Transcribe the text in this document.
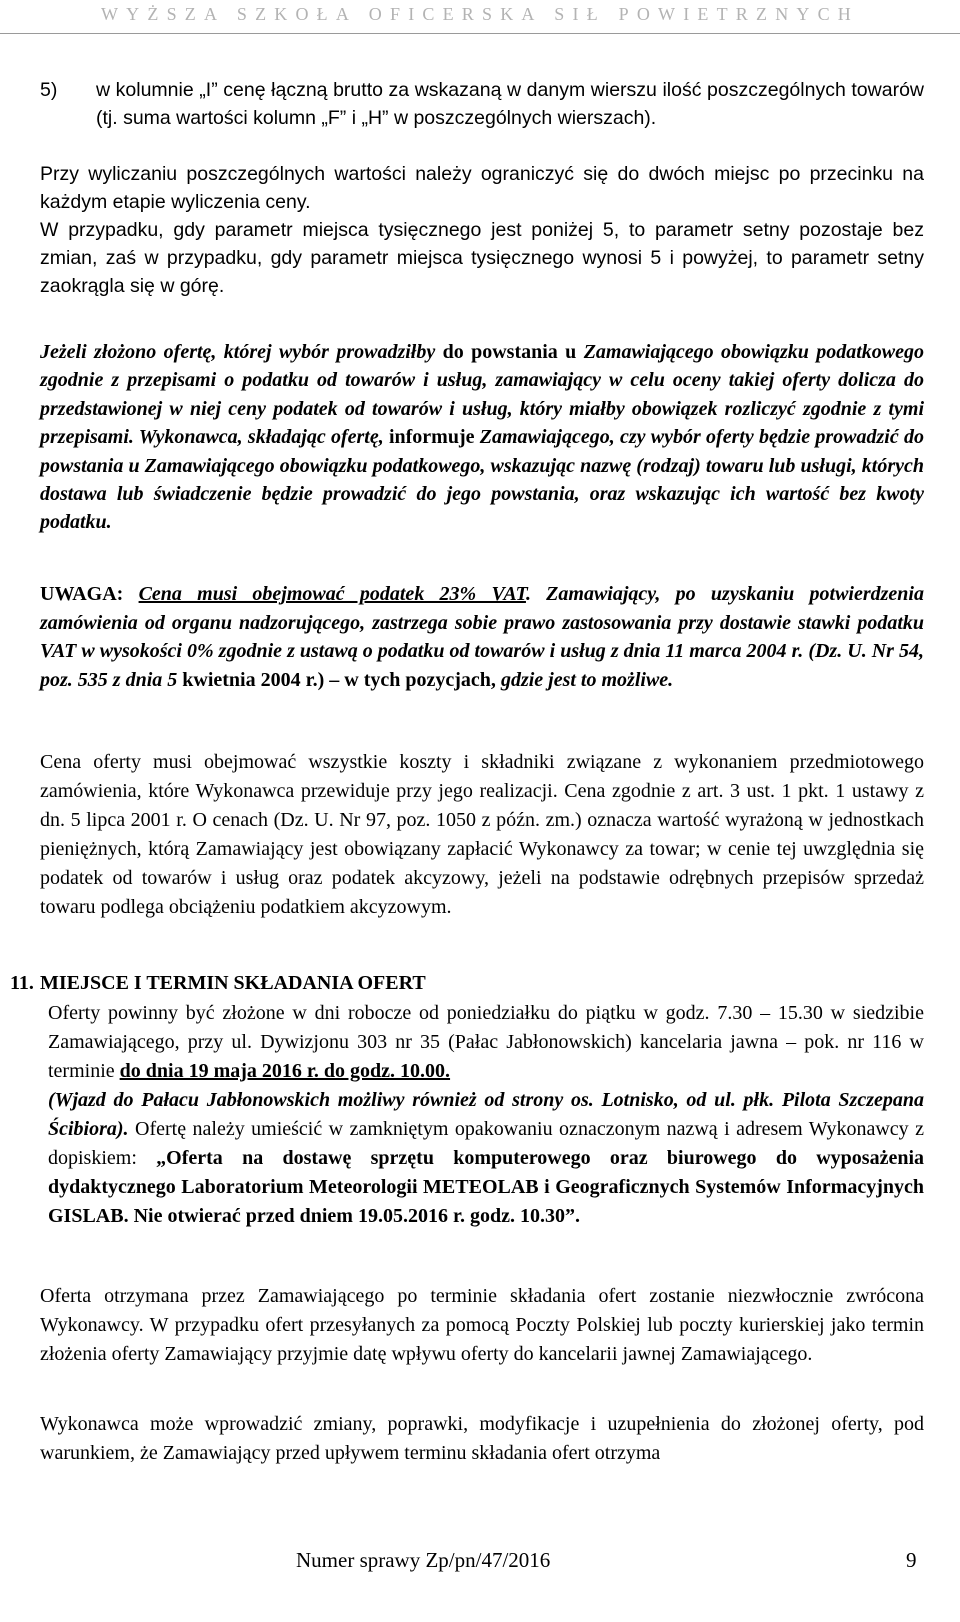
WYŻSZA SZKOŁA OFICERSKA SIŁ POWIETRZNYCH
5) w kolumnie „I” cenę łączną brutto za wskazaną w danym wierszu ilość poszczególnych towarów (tj. suma wartości kolumn „F” i „H” w poszczególnych wierszach).

Przy wyliczaniu poszczególnych wartości należy ograniczyć się do dwóch miejsc po przecinku na każdym etapie wyliczenia ceny.

W przypadku, gdy parametr miejsca tysięcznego jest poniżej 5, to parametr setny pozostaje bez zmian, zaś w przypadku, gdy parametr miejsca tysięcznego wynosi 5 i powyżej, to parametr setny zaokrągla się w górę.

Jeżeli złożono ofertę, której wybór prowadziłby do powstania u Zamawiającego obowiązku podatkowego zgodnie z przepisami o podatku od towarów i usług, zamawiający w celu oceny takiej oferty dolicza do przedstawionej w niej ceny podatek od towarów i usług, który miałby obowiązek rozliczyć zgodnie z tymi przepisami. Wykonawca, składając ofertę, informuje Zamawiającego, czy wybór oferty będzie prowadzić do powstania u Zamawiającego obowiązku podatkowego, wskazując nazwę (rodzaj) towaru lub usługi, których dostawa lub świadczenie będzie prowadzić do jego powstania, oraz wskazując ich wartość bez kwoty podatku.

UWAGA: Cena musi obejmować podatek 23% VAT. Zamawiający, po uzyskaniu potwierdzenia zamówienia od organu nadzorującego, zastrzega sobie prawo zastosowania przy dostawie stawki podatku VAT w wysokości 0% zgodnie z ustawą o podatku od towarów i usług z dnia 11 marca 2004 r. (Dz. U. Nr 54, poz. 535 z dnia 5 kwietnia 2004 r.) – w tych pozycjach, gdzie jest to możliwe.

Cena oferty musi obejmować wszystkie koszty i składniki związane z wykonaniem przedmiotowego zamówienia, które Wykonawca przewiduje przy jego realizacji. Cena zgodnie z art. 3 ust. 1 pkt. 1 ustawy z dn. 5 lipca 2001 r. O cenach (Dz. U. Nr 97, poz. 1050 z późn. zm.) oznacza wartość wyrażoną w jednostkach pieniężnych, którą Zamawiający jest obowiązany zapłacić Wykonawcy za towar; w cenie tej uwzględnia się podatek od towarów i usług oraz podatek akcyzowy, jeżeli na podstawie odrębnych przepisów sprzedaż towaru podlega obciążeniu podatkiem akcyzowym.

11. MIEJSCE I TERMIN SKŁADANIA OFERT

Oferty powinny być złożone w dni robocze od poniedziałku do piątku w godz. 7.30 – 15.30 w siedzibie Zamawiającego, przy ul. Dywizjonu 303 nr 35 (Pałac Jabłonowskich) kancelaria jawna – pok. nr 116 w terminie do dnia 19 maja 2016 r. do godz. 10.00.
(Wjazd do Pałacu Jabłonowskich możliwy również od strony os. Lotnisko, od ul. płk. Pilota Szczepana Ścibiora). Ofertę należy umieścić w zamkniętym opakowaniu oznaczonym nazwą i adresem Wykonawcy z dopiskiem: „Oferta na dostawę sprzętu komputerowego oraz biurowego do wyposażenia dydaktycznego Laboratorium Meteorologii METEOLAB i Geograficznych Systemów Informacyjnych GISLAB. Nie otwierać przed dniem 19.05.2016 r. godz. 10.30”.

Oferta otrzymana przez Zamawiającego po terminie składania ofert zostanie niezwłocznie zwrócona Wykonawcy. W przypadku ofert przesyłanych za pomocą Poczty Polskiej lub poczty kurierskiej jako termin złożenia oferty Zamawiający przyjmie datę wpływu oferty do kancelarii jawnej Zamawiającego.

Wykonawca może wprowadzić zmiany, poprawki, modyfikacje i uzupełnienia do złożonej oferty, pod warunkiem, że Zamawiający przed upływem terminu składania ofert otrzyma

Numer sprawy Zp/pn/47/2016	9
